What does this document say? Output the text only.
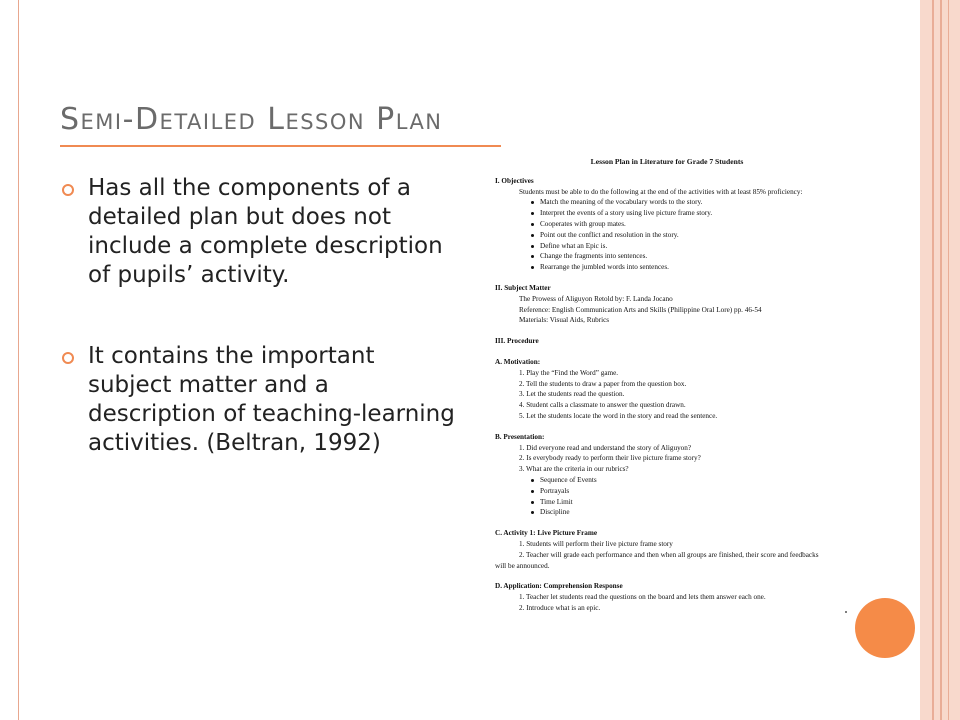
Semi-Detailed Lesson Plan
Has all the components of a detailed plan but does not include a complete description of pupils’ activity.
It contains the important subject matter and a description of teaching-learning activities. (Beltran, 1992)
Lesson Plan in Literature for Grade 7 Students
I. Objectives
Students must be able to do the following at the end of the activities with at least 85% proficiency:
Match the meaning of the vocabulary words to the story.
Interpret the events of a story using live picture frame story.
Cooperates with group mates.
Point out the conflict and resolution in the story.
Define what an Epic is.
Change the fragments into sentences.
Rearrange the jumbled words into sentences.
II. Subject Matter
The Prowess of Aliguyon Retold by: F. Landa Jocano
Reference: English Communication Arts and Skills (Philippine Oral Lore) pp. 46-54
Materials: Visual Aids, Rubrics
III. Procedure
A. Motivation:
1. Play the “Find the Word” game.
2. Tell the students to draw a paper from the question box.
3. Let the students read the question.
4. Student calls a classmate to answer the question drawn.
5. Let the students locate the word in the story and read the sentence.
B. Presentation:
1. Did everyone read and understand the story of Aliguyon?
2. Is everybody ready to perform their live picture frame story?
3. What are the criteria in our rubrics?
Sequence of Events
Portrayals
Time Limit
Discipline
C. Activity 1: Live Picture Frame
1. Students will perform their live picture frame story
2. Teacher will grade each performance and then when all groups are finished, their score and feedbacks
will be announced.
D. Application: Comprehension Response
1. Teacher let students read the questions on the board and lets them answer each one.
2. Introduce what is an epic.
